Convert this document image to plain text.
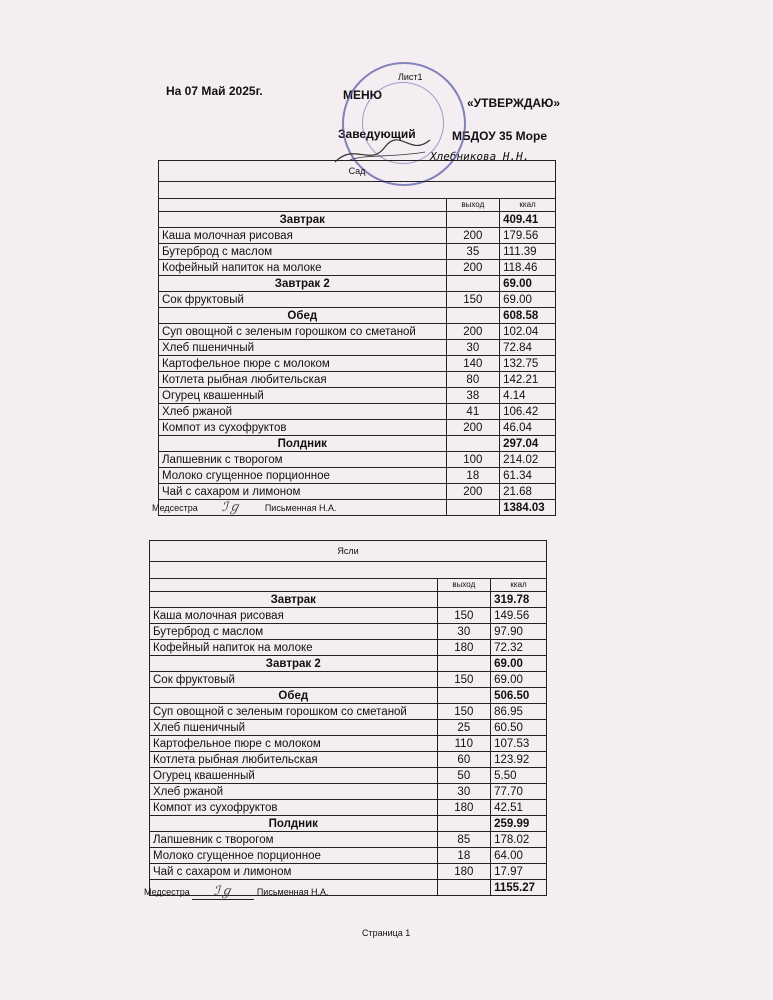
Лист1
На 07 Май 2025г.	МЕНЮ
«УТВЕРЖДАЮ»
Заведующий	МБДОУ 35 Море
Хлебникова Н.Н.
Сад		

	выход	ккал
Завтрак		409.41
Каша молочная рисовая	200	179.56
Бутерброд с маслом	35	111.39
Кофейный напиток на молоке	200	118.46
Завтрак 2		69.00
Сок фруктовый	150	69.00
Обед		608.58
Суп овощной с зеленым горошком со сметаной	200	102.04
Хлеб пшеничный	30	72.84
Картофельное пюре с молоком	140	132.75
Котлета рыбная любительская	80	142.21
Огурец квашенный	38	4.14
Хлеб ржаной	41	106.42
Компот из сухофруктов	200	46.04
Полдник		297.04
Лапшевник с творогом	100	214.02
Молоко сгущенное порционное	18	61.34
Чай с сахаром и лимоном	200	21.68
		1384.03
Медсестра ℐℊ	Письменная Н.А.
Ясли		

	выход	ккал
Завтрак		319.78
Каша молочная рисовая	150	149.56
Бутерброд с маслом	30	97.90
Кофейный напиток на молоке	180	72.32
Завтрак 2		69.00
Сок фруктовый	150	69.00
Обед		506.50
Суп овощной с зеленым горошком со сметаной	150	86.95
Хлеб пшеничный	25	60.50
Картофельное пюре с молоком	110	107.53
Котлета рыбная любительская	60	123.92
Огурец квашенный	50	5.50
Хлеб ржаной	30	77.70
Компот из сухофруктов	180	42.51
Полдник		259.99
Лапшевник с творогом	85	178.02
Молоко сгущенное порционное	18	64.00
Чай с сахаром и лимоном	180	17.97
		1155.27
Медсестра ℐℊ	Письменная Н.А.
Страница 1
